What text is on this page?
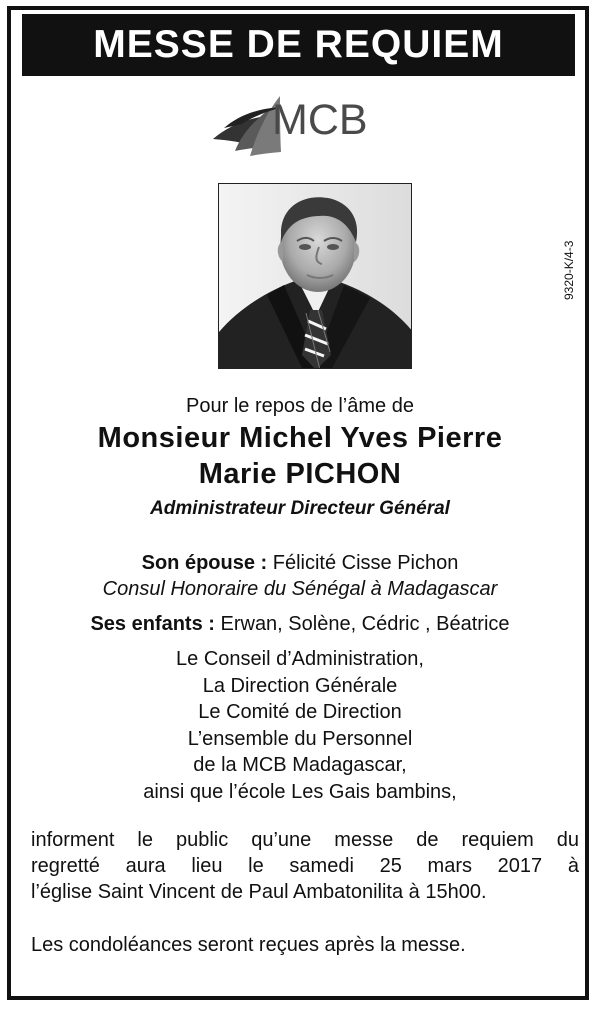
MESSE DE REQUIEM
MCB
9320-K/4-3
Pour le repos de l’âme de
Monsieur Michel Yves Pierre
Marie PICHON
Administrateur Directeur Général
Son épouse : Félicité Cisse Pichon
Consul Honoraire du Sénégal à Madagascar
Ses enfants : Erwan, Solène, Cédric , Béatrice
Le Conseil d’Administration,
La Direction Générale
Le Comité de Direction
L’ensemble du Personnel
de la MCB Madagascar,
ainsi que l’école Les Gais bambins,
informent le public qu’une messe de requiem du
regretté aura lieu le samedi 25 mars 2017 à
l’église Saint Vincent de Paul Ambatonilita à 15h00.
Les condoléances seront reçues après la messe.
